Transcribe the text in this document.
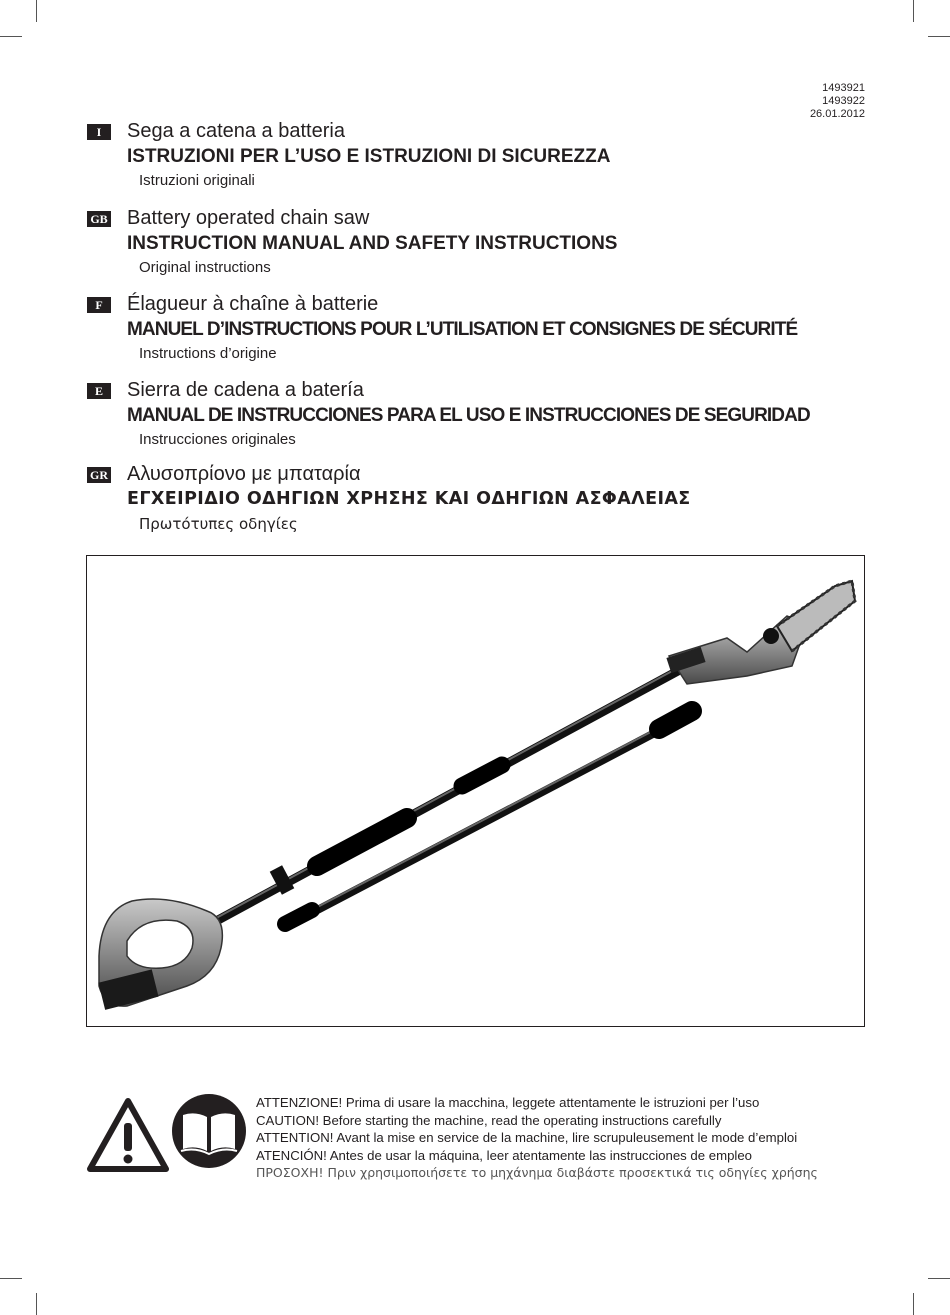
1493921
1493922
26.01.2012
I	Sega a catena a batteria
ISTRUZIONI PER L’USO E ISTRUZIONI DI SICUREZZA
Istruzioni originali
GB Battery operated chain saw
INSTRUCTION MANUAL AND SAFETY INSTRUCTIONS
Original instructions
F	Élagueur à chaîne à batterie
MANUEL D’INSTRUCTIONS POUR L’UTILISATION ET CONSIGNES DE SÉCURITÉ
Instructions d’origine
E	Sierra de cadena a batería
MANUAL DE INSTRUCCIONES PARA EL USO E INSTRUCCIONES DE SEGURIDAD
Instrucciones originales
GR Αλυσοπρίονο με μπαταρία
ΕΓΧΕΙΡΙΔΙΟ ΟΔΗΓΙΩΝ ΧΡΗΣΗΣ ΚΑΙ ΟΔΗΓΙΩΝ ΑΣΦΑΛΕΙΑΣ
Πρωτότυπες οδηγίες
ATTENZIONE! Prima di usare la macchina, leggete attentamente le istruzioni per l’uso
CAUTION! Before starting the machine, read the operating instructions carefully
ATTENTION! Avant la mise en service de la machine, lire scrupuleusement le mode d’emploi
ATENCIÓN! Antes de usar la máquina, leer atentamente las instrucciones de empleo
ΠΡΟΣΟΧΗ! Πριν χρησιμοποιήσετε το μηχάνημα διαβάστε προσεκτικά τις οδηγίες χρήσης
